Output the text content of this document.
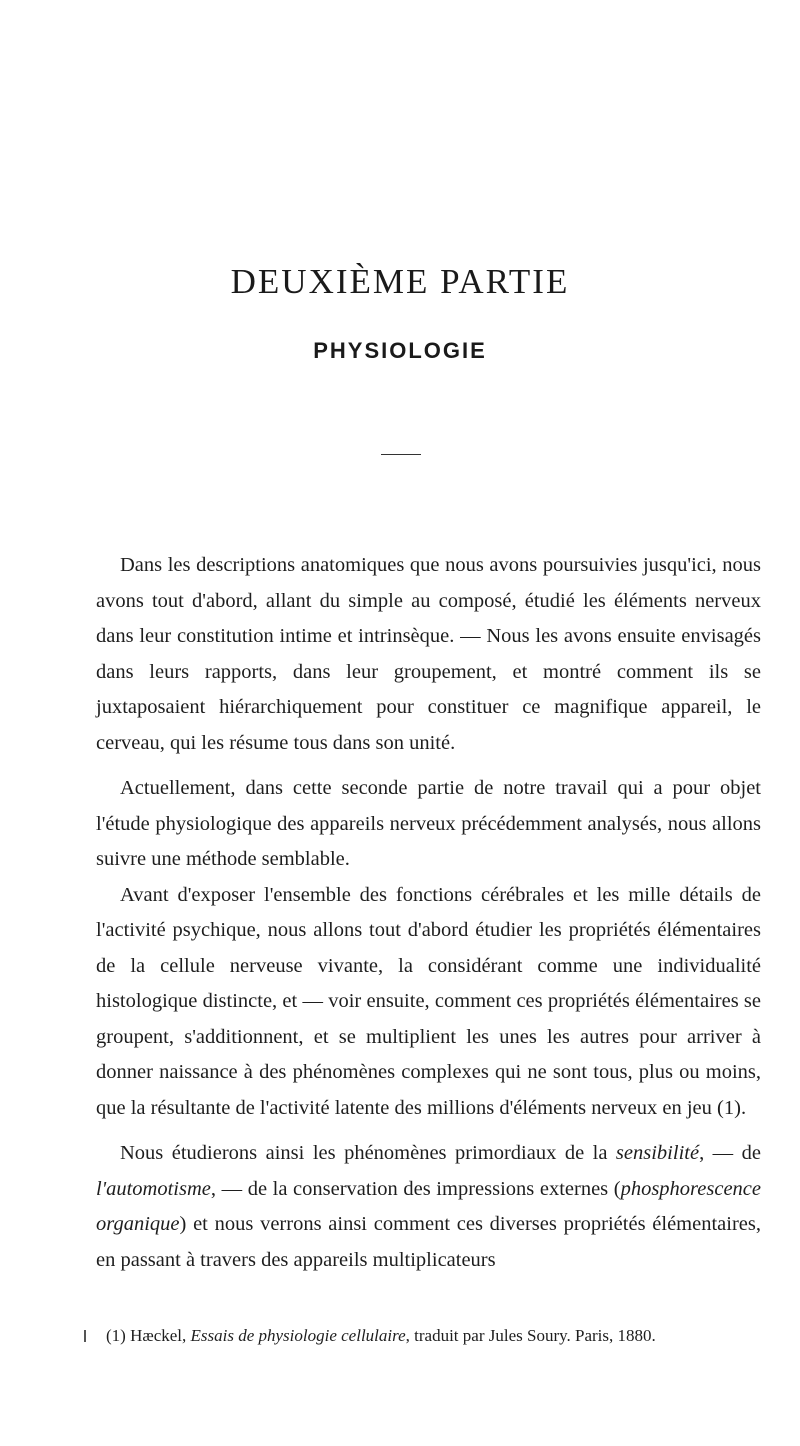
DEUXIÈME PARTIE
PHYSIOLOGIE

Dans les descriptions anatomiques que nous avons poursuivies jusqu'ici, nous avons tout d'abord, allant du simple au composé, étudié les éléments nerveux dans leur constitution intime et intrinsèque. — Nous les avons ensuite envisagés dans leurs rapports, dans leur groupement, et montré comment ils se juxtaposaient hiérarchiquement pour constituer ce magnifique appareil, le cerveau, qui les résume tous dans son unité.

Actuellement, dans cette seconde partie de notre travail qui a pour objet l'étude physiologique des appareils nerveux précédemment analysés, nous allons suivre une méthode semblable.

Avant d'exposer l'ensemble des fonctions cérébrales et les mille détails de l'activité psychique, nous allons tout d'abord étudier les propriétés élémentaires de la cellule nerveuse vivante, la considérant comme une individualité histologique distincte, et — voir ensuite, comment ces propriétés élémentaires se groupent, s'additionnent, et se multiplient les unes les autres pour arriver à donner naissance à des phénomènes complexes qui ne sont tous, plus ou moins, que la résultante de l'activité latente des millions d'éléments nerveux en jeu (1).

Nous étudierons ainsi les phénomènes primordiaux de la sensibilité, — de l'automotisme, — de la conservation des impressions externes (phosphorescence organique) et nous verrons ainsi comment ces diverses propriétés élémentaires, en passant à travers des appareils multiplicateurs

(1) Hæckel, Essais de physiologie cellulaire, traduit par Jules Soury. Paris, 1880.
